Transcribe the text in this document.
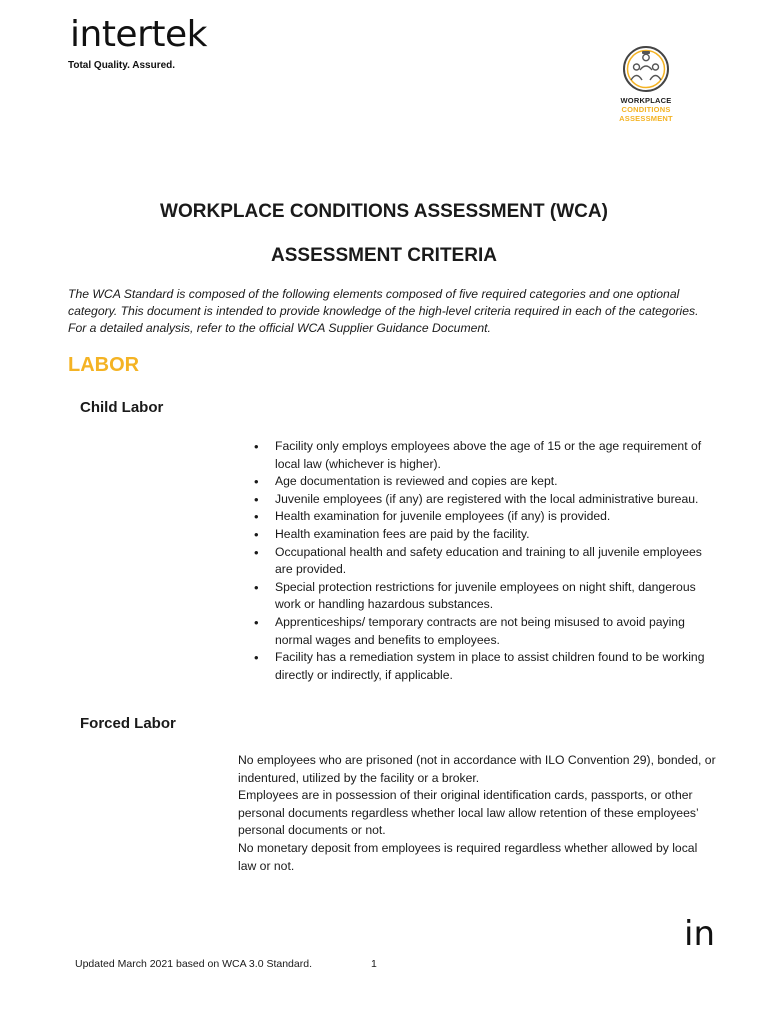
intertek
Total Quality. Assured.
WORKPLACE
CONDITIONS
ASSESSMENT
WORKPLACE CONDITIONS ASSESSMENT (WCA)
ASSESSMENT CRITERIA
The WCA Standard is composed of the following elements composed of five required categories and one optional category. This document is intended to provide knowledge of the high-level criteria required in each of the categories. For a detailed analysis, refer to the official WCA Supplier Guidance Document.
LABOR
Child Labor
• Facility only employs employees above the age of 15 or the age requirement of local law (whichever is higher).
• Age documentation is reviewed and copies are kept.
• Juvenile employees (if any) are registered with the local administrative bureau.
• Health examination for juvenile employees (if any) is provided.
• Health examination fees are paid by the facility.
• Occupational health and safety education and training to all juvenile employees are provided.
• Special protection restrictions for juvenile employees on night shift, dangerous work or handling hazardous substances.
• Apprenticeships/ temporary contracts are not being misused to avoid paying normal wages and benefits to employees.
• Facility has a remediation system in place to assist children found to be working directly or indirectly, if applicable.
Forced Labor

No employees who are prisoned (not in accordance with ILO Convention 29), bonded, or indentured, utilized by the facility or a broker.

Employees are in possession of their original identification cards, passports, or other personal documents regardless whether local law allow retention of these employees’ personal documents or not.

No monetary deposit from employees is required regardless whether allowed by local law or not.

in
Updated March 2021 based on WCA 3.0 Standard.	1
